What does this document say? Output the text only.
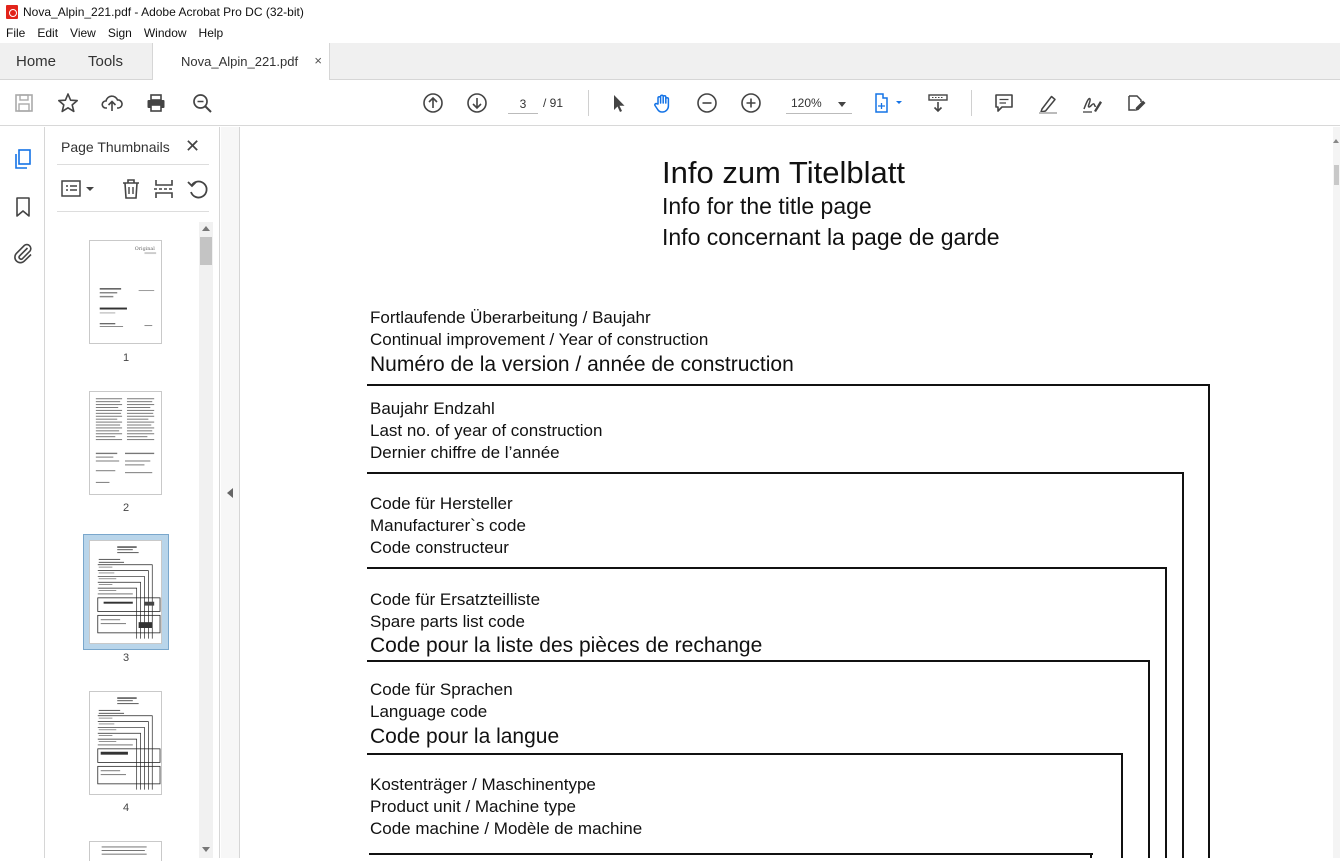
Nova_Alpin_221.pdf - Adobe Acrobat Pro DC (32-bit)
File Edit View Sign Window Help
Home Tools	Nova_Alpin_221.pdf ×
3
/ 91	120%
Page Thumbnails ✕
Original
1
2
3
4
Info zum Titelblatt
Info for the title page
Info concernant la page de garde
Fortlaufende Überarbeitung / Baujahr
Continual improvement / Year of construction
Numéro de la version / année de construction
Baujahr Endzahl
Last no. of year of construction
Dernier chiffre de l’année
Code für Hersteller
Manufacturer`s code
Code constructeur
Code für Ersatzteilliste
Spare parts list code
Code pour la liste des pièces de rechange
Code für Sprachen
Language code
Code pour la langue
Kostenträger / Maschinentype
Product unit / Machine type
Code machine / Modèle de machine
